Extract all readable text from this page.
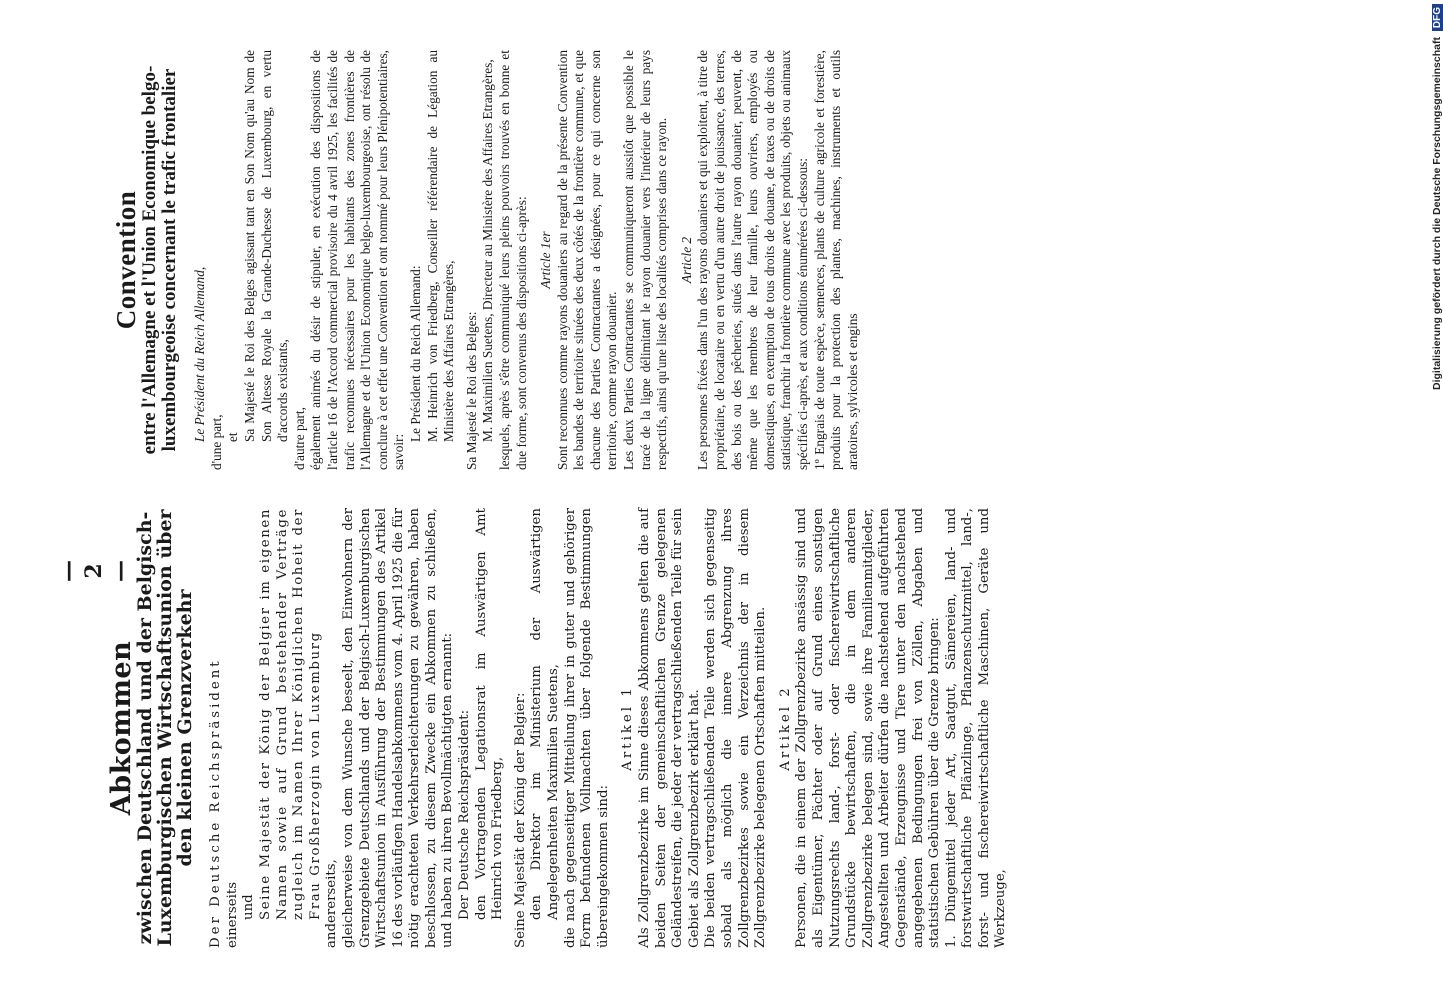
— 2 —
Abkommen
zwischen Deutschland und der Belgisch-Luxemburgischen Wirtschaftsunion über den kleinen Grenzverkehr Der Deutsche Reichspräsident einerseits und Seine Majestät der König der Belgier im eigenen Namen sowie auf Grund bestehender Verträge zugleich im Namen Ihrer Königlichen Hoheit der Frau Großherzogin von Luxemburg andererseits, gleicherweise von dem Wunsche beseelt, den Einwohnern der Grenzgebiete Deutschlands und der Belgisch-Luxemburgischen Wirtschaftsunion in Ausführung der Bestimmungen des Artikel 16 des vorläufigen Handelsabkommens vom 4. April 1925 die für nötig erachteten Verkehrserleichterungen zu gewähren, haben beschlossen, zu diesem Zwecke ein Abkommen zu schließen, und haben zu ihren Bevollmächtigten ernannt: Der Deutsche Reichspräsident: den Vortragenden Legationsrat im Auswärtigen Amt Heinrich von Friedberg, Seine Majestät der König der Belgier: den Direktor im Ministerium der Auswärtigen Angelegenheiten Maximilien Suetens, die nach gegenseitiger Mitteilung ihrer in guter und gehöriger Form befundenen Vollmachten über folgende Bestimmungen übereingekommen sind:

Artikel 1 Als Zollgrenzbezirke im Sinne dieses Abkommens gelten die auf beiden Seiten der gemeinschaftlichen Grenze gelegenen Geländestreifen, die jeder der vertragschließenden Teile für sein Gebiet als Zollgrenzbezirk erklärt hat. Die beiden vertragschließenden Teile werden sich gegenseitig sobald als möglich die innere Abgrenzung ihres Zollgrenzbezirkes sowie ein Verzeichnis der in diesem Zollgrenzbezirke belegenen Ortschaften mitteilen. Artikel 2 Personen, die in einem der Zollgrenzbezirke ansässig sind und als Eigentümer, Pächter oder auf Grund eines sonstigen Nutzungsrechts land-, forst- oder fischereiwirtschaftliche Grundstücke bewirtschaften, die in dem anderen Zollgrenzbezirke belegen sind, sowie ihre Familienmitglieder, Angestellten und Arbeiter dürfen die nachstehend aufgeführten Gegenstände, Erzeugnisse und Tiere unter den nachstehend angegebenen Bedingungen frei von Zöllen, Abgaben und statistischen Gebühren über die Grenze bringen: 1. Düngemittel jeder Art, Saatgut, Sämereien, land- und forstwirtschaftliche Pflänzlinge, Pflanzenschutzmittel, land-, forst- und fischereiwirtschaftliche Maschinen, Geräte und Werkzeuge,

Convention
entre l'Allemagne et l'Union Economique belgo-luxembourgeoise concernant le trafic frontalier Le Président du Reich Allemand,

d'une part, et Sa Majesté le Roi des Belges agissant tant en Son Nom qu'au Nom de Son Altesse Royale la Grande-Duchesse de Luxembourg, en vertu d'accords existants, d'autre part, également animés du désir de stipuler, en exécution des dispositions de l'article 16 de l'Accord commercial provisoire du 4 avril 1925, les facilités de trafic reconnues nécessaires pour les habitants des zones frontières de l'Allemagne et de l'Union Economique belgo-luxembourgeoise, ont résolu de conclure à cet effet une Convention et ont nommé pour leurs Plénipotentiaires, savoir:

Le Président du Reich Allemand: M. Heinrich von Friedberg, Conseiller référendaire de Légation au Ministère des Affaires Etrangères, Sa Majesté le Roi des Belges: M. Maximilien Suetens, Directeur au Ministère des Affaires Etrangères, lesquels, après s'être communiqué leurs pleins pouvoirs trouvés en bonne et due forme, sont convenus des dispositions ci-après: Article 1er Sont reconnues comme rayons douaniers au regard de la présente Convention les bandes de territoire situées des deux côtés de la frontière commune, et que chacune des Parties Contractantes a désignées, pour ce qui concerne son territoire, comme rayon douanier. Les deux Parties Contractantes se communiqueront aussitôt que possible le tracé de la ligne délimitant le rayon douanier vers l'intérieur de leurs pays respectifs, ainsi qu'une liste des localités comprises dans ce rayon. Article 2 Les personnes fixées dans l'un des rayons douaniers et qui exploitent, à titre de propriétaire, de locataire ou en vertu d'un autre droit de jouissance, des terres, des bois ou des pêcheries, situés dans l'autre rayon douanier, peuvent, de même que les membres de leur famille, leurs ouvriers, employés ou domestiques, en exemption de tous droits de douane, de taxes ou de droits de statistique, franchir la frontière commune avec les produits, objets ou animaux spécifiés ci-après, et aux conditions énumérées ci-dessous: 1º Engrais de toute espèce, semences, plants de culture agricole et forestière, produits pour la protection des plantes, machines, instruments et outils aratoires, sylvicoles et engins

Digitalisierung gefördert durch die Deutsche Forschungsgemeinschaft DFG
